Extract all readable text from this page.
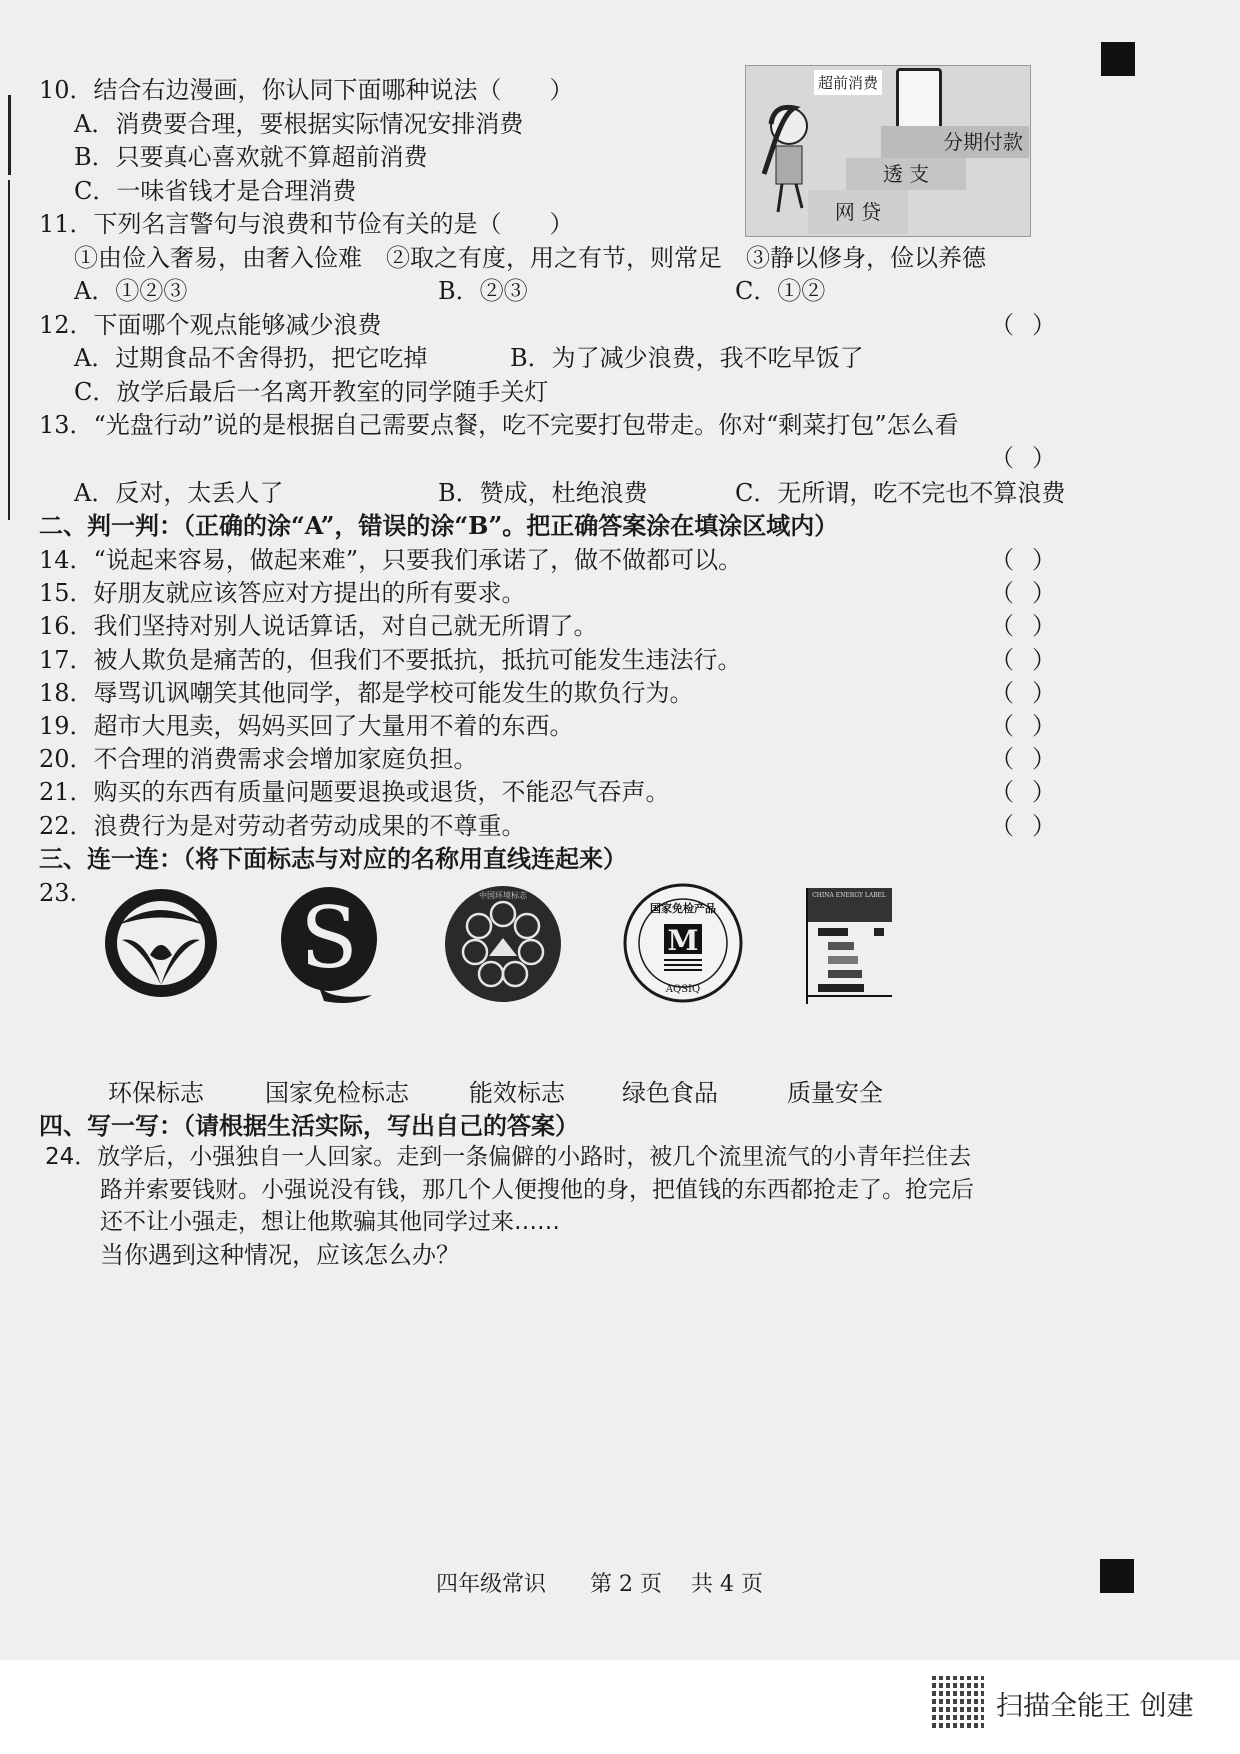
10．结合右边漫画，你认同下面哪种说法（　　）
A．消费要合理，要根据实际情况安排消费
B．只要真心喜欢就不算超前消费
C．一味省钱才是合理消费
超前消费
分期付款
透 支
网 贷
11．下列名言警句与浪费和节俭有关的是（　　）
①由俭入奢易，由奢入俭难　②取之有度，用之有节，则常足　③静以修身，俭以养德
A．①②③	B．②③	C．①②
12．下面哪个观点能够减少浪费	（ ）
A．过期食品不舍得扔，把它吃掉	B．为了减少浪费，我不吃早饭了
C．放学后最后一名离开教室的同学随手关灯
13．“光盘行动”说的是根据自己需要点餐，吃不完要打包带走。你对“剩菜打包”怎么看
（ ）
A．反对，太丢人了	B．赞成，杜绝浪费	C．无所谓，吃不完也不算浪费
二、判一判：（正确的涂“A”，错误的涂“B”。把正确答案涂在填涂区域内）
14．“说起来容易，做起来难”，只要我们承诺了，做不做都可以。	（ ）
15．好朋友就应该答应对方提出的所有要求。	（ ）
16．我们坚持对别人说话算话，对自己就无所谓了。	（ ）
17．被人欺负是痛苦的，但我们不要抵抗，抵抗可能发生违法行。	（ ）
18．辱骂讥讽嘲笑其他同学，都是学校可能发生的欺负行为。	（ ）
19．超市大甩卖，妈妈买回了大量用不着的东西。	（ ）
20．不合理的消费需求会增加家庭负担。	（ ）
21．购买的东西有质量问题要退换或退货，不能忍气吞声。	（ ）
22．浪费行为是对劳动者劳动成果的不尊重。	（ ）
三、连一连：（将下面标志与对应的名称用直线连起来）
23.	S	中国环境标志
国家免检产品
M
AQSIQ
CHINA ENERGY LABEL
环保标志	国家免检标志	能效标志 绿色食品	质量安全
四、写一写：（请根据生活实际，写出自己的答案）
24．放学后，小强独自一人回家。走到一条偏僻的小路时，被几个流里流气的小青年拦住去
路并索要钱财。小强说没有钱，那几个人便搜他的身，把值钱的东西都抢走了。抢完后
还不让小强走，想让他欺骗其他同学过来……
当你遇到这种情况，应该怎么办？
四年级常识　　第 2 页　 共 4 页
扫描全能王 创建
